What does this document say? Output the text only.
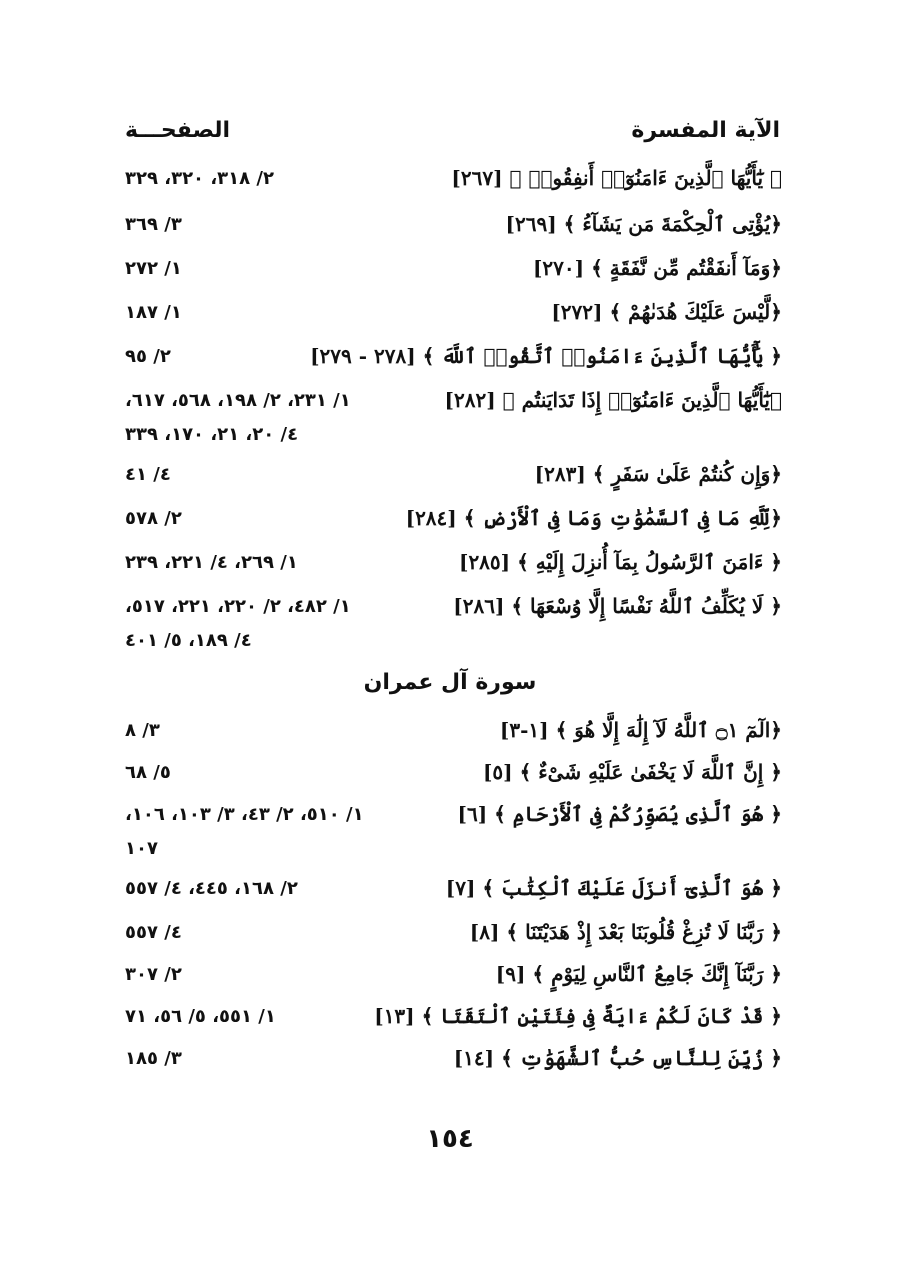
الآية المفسرة
الصفحـــة
﴿ يَٰٓأَيُّهَا ٱلَّذِينَ ءَامَنُوٓا۟ أَنفِقُوا۟ ﴾ [٢٦٧]
٢/ ٣١٨، ٣٢٠، ٣٢٩
﴿يُؤْتِى ٱلْحِكْمَةَ مَن يَشَآءُ ﴾ [٢٦٩]
٣/ ٣٦٩
﴿وَمَآ أَنفَقْتُم مِّن نَّفَقَةٍ ﴾ [٢٧٠]
١/ ٢٧٢
﴿لَّيْسَ عَلَيْكَ هُدَىٰهُمْ ﴾ [٢٧٢]
١/ ١٨٧
﴿ يَٰٓأَيُّهَا ٱلَّذِينَ ءَامَنُوا۟ ٱتَّقُوا۟ ٱللَّهَ ﴾ [٢٧٨ - ٢٧٩]
٢/ ٩٥
﴿يَٰٓأَيُّهَا ٱلَّذِينَ ءَامَنُوٓا۟ إِذَا تَدَايَنتُم ﴾ [٢٨٢]
١/ ٢٣١، ٢/ ١٩٨، ٥٦٨، ٦١٧،
٤/ ٢٠، ٢١، ١٧٠، ٣٣٩
﴿وَإِن كُنتُمْ عَلَىٰ سَفَرٍ ﴾ [٢٨٣]
٤/ ٤١
﴿لِّلَّهِ مَا فِى ٱلسَّمَٰوَٰتِ وَمَا فِى ٱلْأَرْضِ ﴾ [٢٨٤]
٢/ ٥٧٨
﴿ ءَامَنَ ٱلرَّسُولُ بِمَآ أُنزِلَ إِلَيْهِ ﴾ [٢٨٥]
١/ ٢٦٩، ٤/ ٢٢١، ٢٣٩
﴿ لَا يُكَلِّفُ ٱللَّهُ نَفْسًا إِلَّا وُسْعَهَا ﴾ [٢٨٦]
١/ ٤٨٢، ٢/ ٢٢٠، ٢٢١، ٥١٧،
٤/ ١٨٩، ٥/ ٤٠١
سورة آل عمران
﴿الٓمٓ ۝١ ٱللَّهُ لَآ إِلَٰهَ إِلَّا هُوَ ﴾ [١-٣]
٣/ ٨
﴿ إِنَّ ٱللَّهَ لَا يَخْفَىٰ عَلَيْهِ شَىْءٌ ﴾ [٥]
٥/ ٦٨
﴿ هُوَ ٱلَّذِى يُصَوِّرُكُمْ فِى ٱلْأَرْحَامِ ﴾ [٦]
١/ ٥١٠، ٢/ ٤٣، ٣/ ١٠٣، ١٠٦،
١٠٧
﴿ هُوَ ٱلَّذِىٓ أَنزَلَ عَلَيْكَ ٱلْكِتَٰبَ ﴾ [٧]
٢/ ١٦٨، ٤٤٥، ٤/ ٥٥٧
﴿ رَبَّنَا لَا تُزِغْ قُلُوبَنَا بَعْدَ إِذْ هَدَيْتَنَا ﴾ [٨]
٤/ ٥٥٧
﴿ رَبَّنَآ إِنَّكَ جَامِعُ ٱلنَّاسِ لِيَوْمٍ ﴾ [٩]
٢/ ٣٠٧
﴿ قَدْ كَانَ لَكُمْ ءَايَةٌ فِى فِئَتَيْنِ ٱلْتَقَتَا ﴾ [١٣]
١/ ٥٥١، ٥/ ٥٦، ٧١
﴿ زُيِّنَ لِلنَّاسِ حُبُّ ٱلشَّهَوَٰتِ ﴾ [١٤]
٣/ ١٨٥
١٥٤
